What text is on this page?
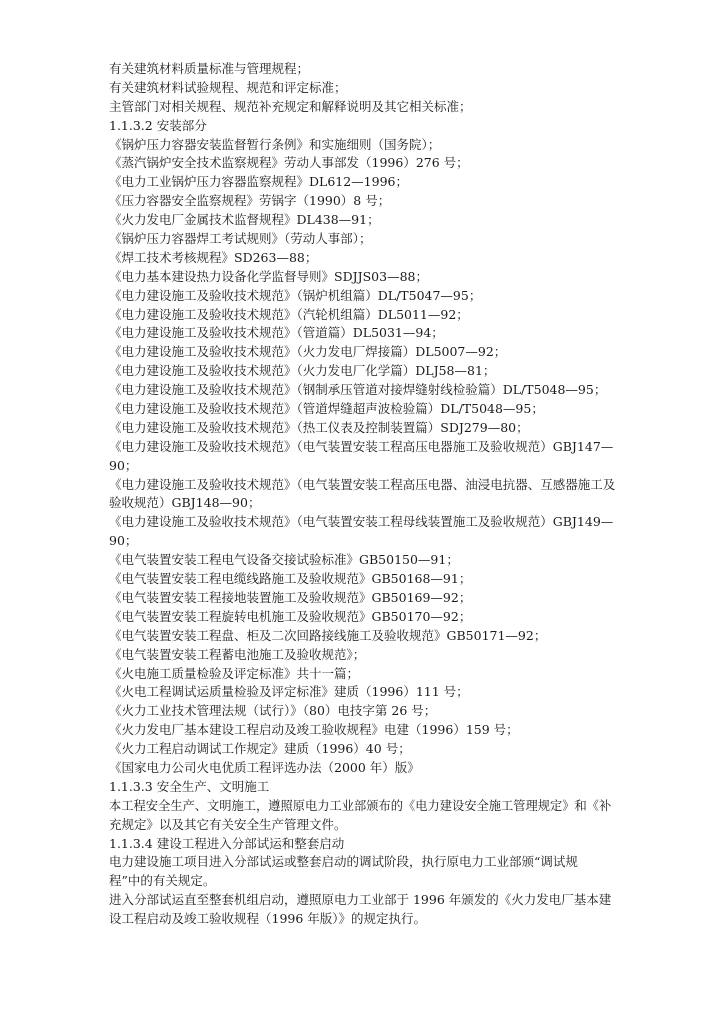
有关建筑材料质量标准与管理规程；
有关建筑材料试验规程、规范和评定标准；
主管部门对相关规程、规范补充规定和解释说明及其它相关标准；
1.1.3.2 安装部分
《锅炉压力容器安装监督暂行条例》和实施细则（国务院）；
《蒸汽锅炉安全技术监察规程》劳动人事部发（1996）276 号；
《电力工业锅炉压力容器监察规程》DL612—1996；
《压力容器安全监察规程》劳锅字（1990）8 号；
《火力发电厂金属技术监督规程》DL438—91；
《锅炉压力容器焊工考试规则》（劳动人事部）；
《焊工技术考核规程》SD263—88；
《电力基本建设热力设备化学监督导则》SDJJS03—88；
《电力建设施工及验收技术规范》（锅炉机组篇）DL/T5047—95；
《电力建设施工及验收技术规范》（汽轮机组篇）DL5011—92；
《电力建设施工及验收技术规范》（管道篇）DL5031—94；
《电力建设施工及验收技术规范》（火力发电厂焊接篇）DL5007—92；
《电力建设施工及验收技术规范》（火力发电厂化学篇）DLJ58—81；
《电力建设施工及验收技术规范》（钢制承压管道对接焊缝射线检验篇）DL/T5048—95；
《电力建设施工及验收技术规范》（管道焊缝超声波检验篇）DL/T5048—95；
《电力建设施工及验收技术规范》（热工仪表及控制装置篇）SDJ279—80；
《电力建设施工及验收技术规范》（电气装置安装工程高压电器施工及验收规范）GBJ147—
90；
《电力建设施工及验收技术规范》（电气装置安装工程高压电器、油浸电抗器、互感器施工及
验收规范）GBJ148—90；
《电力建设施工及验收技术规范》（电气装置安装工程母线装置施工及验收规范）GBJ149—
90；
《电气装置安装工程电气设备交接试验标准》GB50150—91；
《电气装置安装工程电缆线路施工及验收规范》GB50168—91；
《电气装置安装工程接地装置施工及验收规范》GB50169—92；
《电气装置安装工程旋转电机施工及验收规范》GB50170—92；
《电气装置安装工程盘、柜及二次回路接线施工及验收规范》GB50171—92；
《电气装置安装工程蓄电池施工及验收规范》；
《火电施工质量检验及评定标准》共十一篇；
《火电工程调试运质量检验及评定标准》建质（1996）111 号；
《火力工业技术管理法规（试行）》（80）电技字第 26 号；
《火力发电厂基本建设工程启动及竣工验收规程》电建（1996）159 号；
《火力工程启动调试工作规定》建质（1996）40 号；
《国家电力公司火电优质工程评选办法（2000 年）版》
1.1.3.3 安全生产、文明施工
本工程安全生产、文明施工，遵照原电力工业部颁布的《电力建设安全施工管理规定》和《补
充规定》以及其它有关安全生产管理文件。
1.1.3.4 建设工程进入分部试运和整套启动
电力建设施工项目进入分部试运或整套启动的调试阶段，执行原电力工业部颁“调试规
程”中的有关规定。
进入分部试运直至整套机组启动，遵照原电力工业部于 1996 年颁发的《火力发电厂基本建
设工程启动及竣工验收规程（1996 年版）》的规定执行。
